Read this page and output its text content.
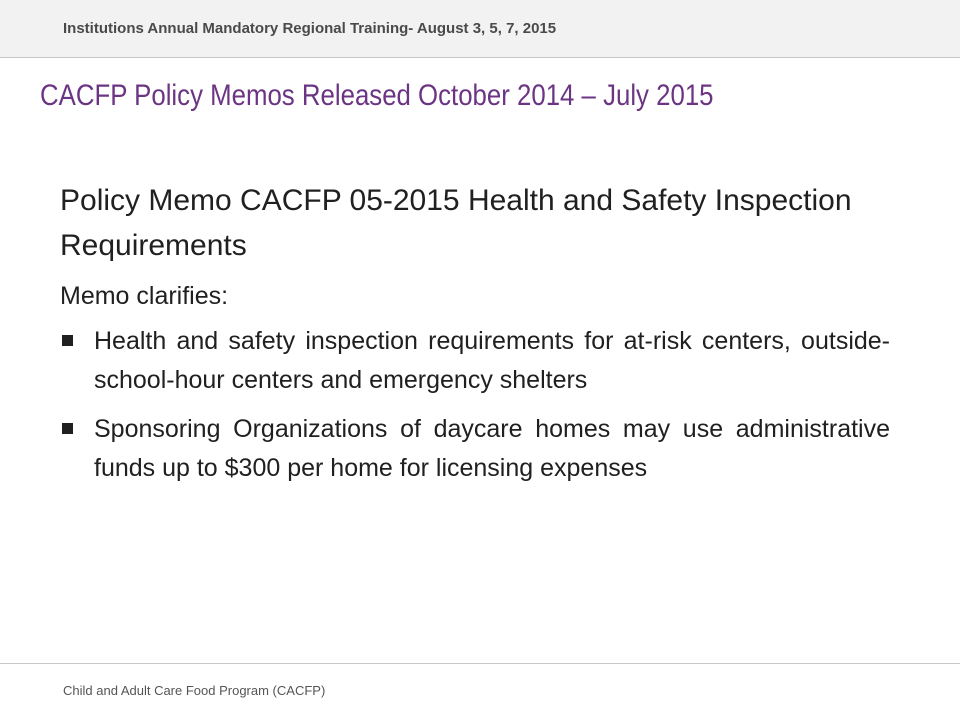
Institutions Annual Mandatory Regional Training- August 3, 5, 7, 2015
CACFP Policy Memos Released October 2014 – July 2015

Policy Memo CACFP 05-2015 Health and Safety Inspection Requirements

Memo clarifies:

Health and safety inspection requirements for at-risk centers, outside-school-hour centers and emergency shelters
Sponsoring Organizations of daycare homes may use administrative funds up to $300 per home for licensing expenses
Child and Adult Care Food Program (CACFP)
